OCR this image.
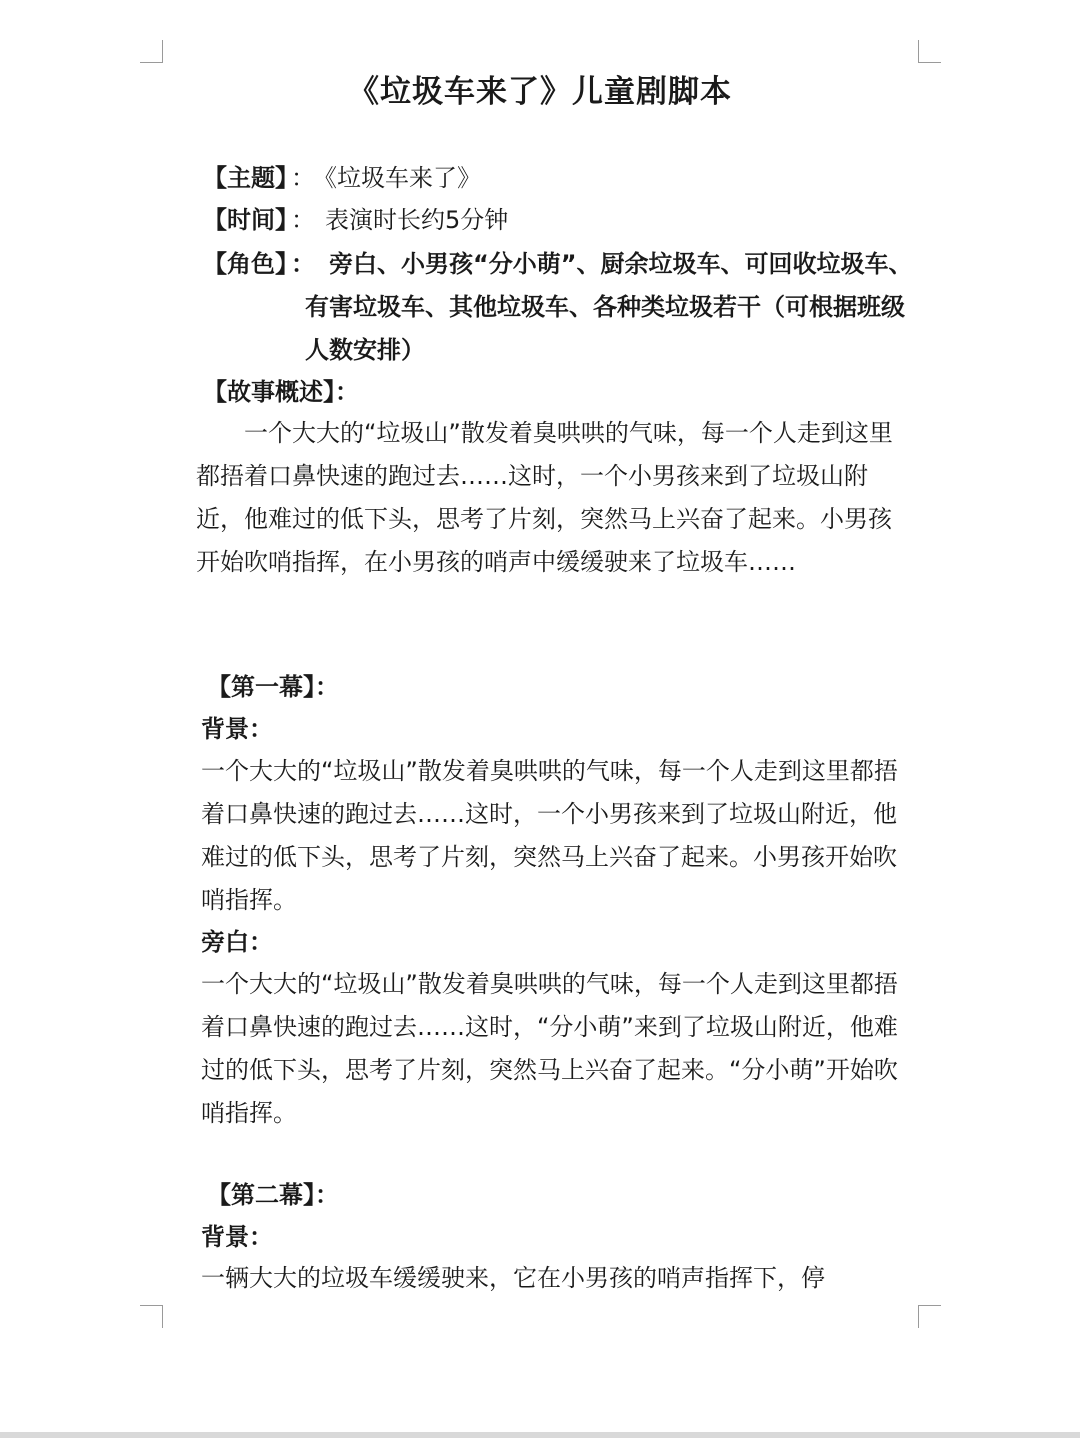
《垃圾车来了》儿童剧脚本

【主题】 ： 《垃圾车来了》

【时间】 ： 表演时长约5分钟

【角色】 ： 旁白、小男孩“分小萌”、厨余垃圾车、可回收垃圾车、有害垃圾车、其他垃圾车、各种类垃圾若干（可根据班级人数安排）

【故事概述】：

一个大大的“垃圾山”散发着臭哄哄的气味，每一个人走到这里都捂着口鼻快速的跑过去……这时，一个小男孩来到了垃圾山附近，他难过的低下头，思考了片刻，突然马上兴奋了起来。小男孩开始吹哨指挥，在小男孩的哨声中缓缓驶来了垃圾车……

【第一幕】：

背景：

一个大大的“垃圾山”散发着臭哄哄的气味，每一个人走到这里都捂着口鼻快速的跑过去……这时，一个小男孩来到了垃圾山附近，他难过的低下头，思考了片刻，突然马上兴奋了起来。小男孩开始吹哨指挥。

旁白：

一个大大的“垃圾山”散发着臭哄哄的气味，每一个人走到这里都捂着口鼻快速的跑过去……这时，“分小萌”来到了垃圾山附近，他难过的低下头，思考了片刻，突然马上兴奋了起来。“分小萌”开始吹哨指挥。

【第二幕】：

背景：

一辆大大的垃圾车缓缓驶来，它在小男孩的哨声指挥下，停
